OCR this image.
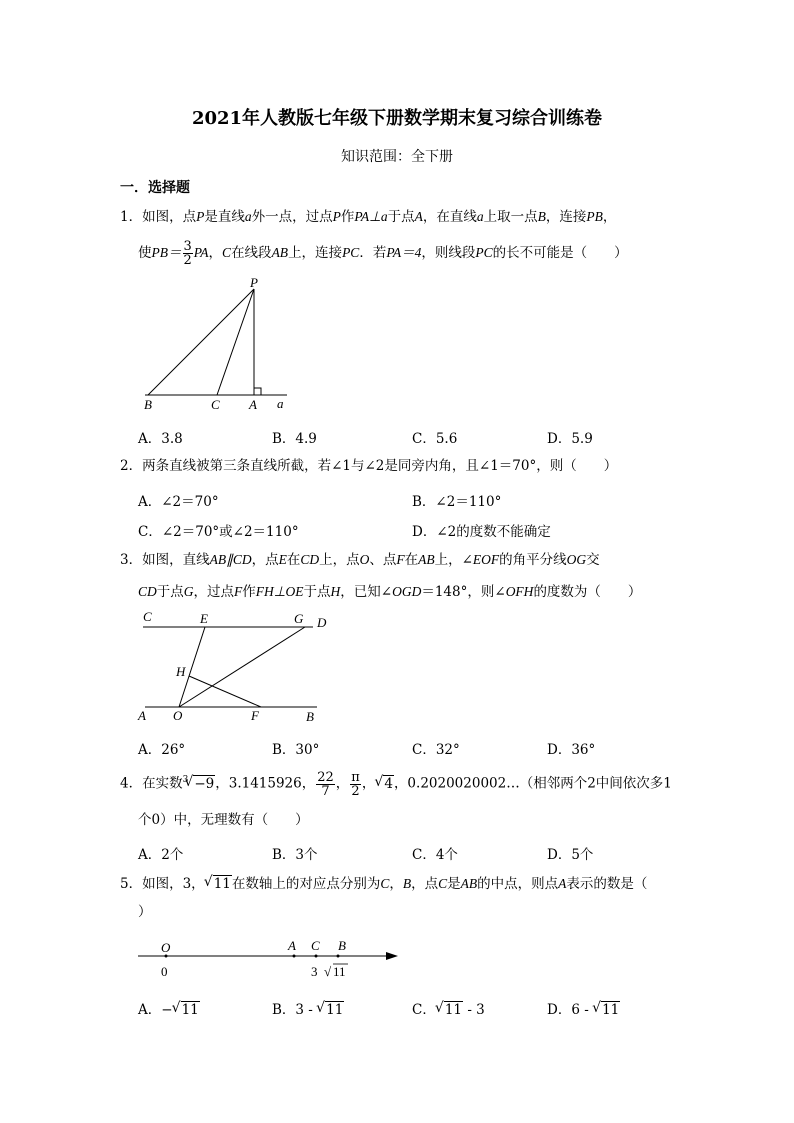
2021年人教版七年级下册数学期末复习综合训练卷
知识范围：全下册
一．选择题
1．如图，点P是直线a外一点，过点P作PA⊥a于点A，在直线a上取一点B，连接PB，
使$PB= \frac{3}{2}$ PA，C在线段AB上，连接PC．若PA＝4，则线段PC的长不可能是（　　）
P
B	C A a
A．3.8	B．4.9	C．5.6	D．5.9
2．两条直线被第三条直线所截，若∠1与∠2是同旁内角，且∠1＝70°，则（　　）
A．∠2＝70°	B．∠2＝110°
C．∠2＝70°或∠2＝110°	D．∠2的度数不能确定
3．如图，直线AB∥CD，点E在CD上，点O、点F在AB上，∠EOF的角平分线OG交
CD于点G，过点F作FH⊥OE于点H，已知∠OGD＝148°，则∠OFH的度数为（　　）
C	E	G D
H
A O	F	B
A．26°	B．30°	C．32°	D．36°
4．在实数$^3$ √ −9，3.1415926， $\frac{22}{7}$ ， $\frac{\pi}{2}$ ， √ 4，0.2020020002…（相邻两个2中间依次多1
个0）中，无理数有（　　）
A．2个	B．3个	C．4个	D．5个
5．如图，3， √ 11在数轴上的对应点分别为C，B，点C是AB的中点，则点A表示的数是（
）
O	A C B
0	3 √ 11
A．− √ 11	B．3 - √ 11	C． √ 11 - 3	D．6 - √ 11
